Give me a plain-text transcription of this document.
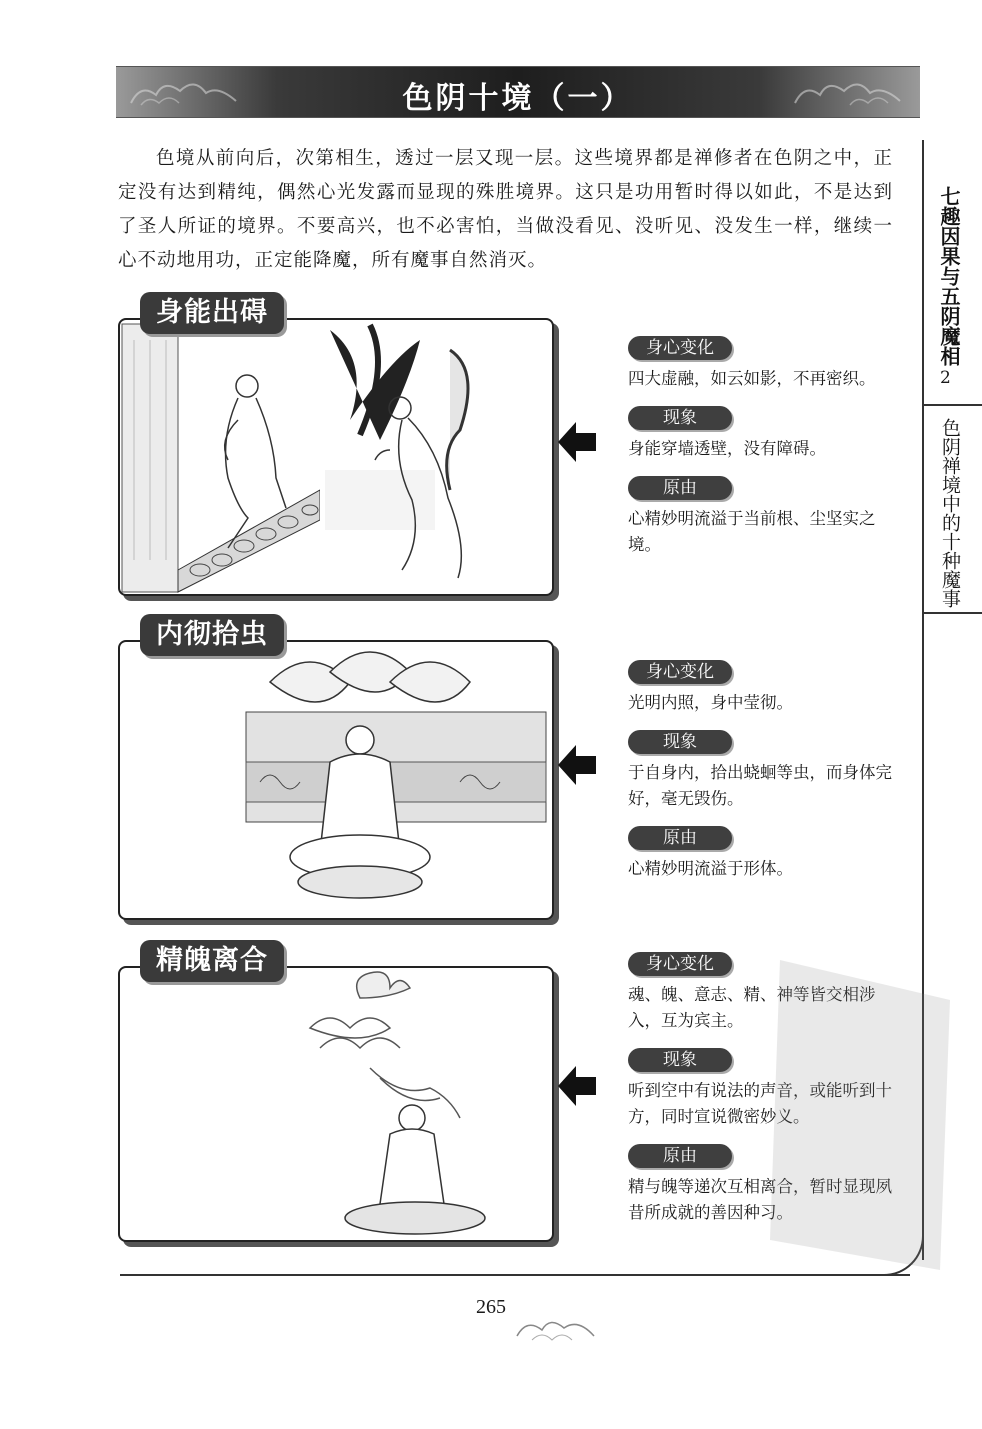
色阴十境（一）
色境从前向后，次第相生，透过一层又现一层。这些境界都是禅修者在色阴之中，正定没有达到精纯，偶然心光发露而显现的殊胜境界。这只是功用暂时得以如此，不是达到了圣人所证的境界。不要高兴，也不必害怕，当做没看见、没听见、没发生一样，继续一心不动地用功，正定能降魔，所有魔事自然消灭。	七趣因果与五阴魔相
2
色阴禅境中的十种魔事
身能出碍
身心变化
四大虚融，如云如影，不再密织。
现象
身能穿墙透壁，没有障碍。
原由
心精妙明流溢于当前根、尘坚实之境。
内彻拾虫
身心变化
光明内照，身中莹彻。
现象
于自身内，拾出蛲蛔等虫，而身体完好，毫无毁伤。
原由
心精妙明流溢于形体。
精魄离合	身心变化
魂、魄、意志、精、神等皆交相涉入，互为宾主。
现象
听到空中有说法的声音，或能听到十方，同时宣说微密妙义。
原由
精与魄等递次互相离合，暂时显现夙昔所成就的善因种习。
265
